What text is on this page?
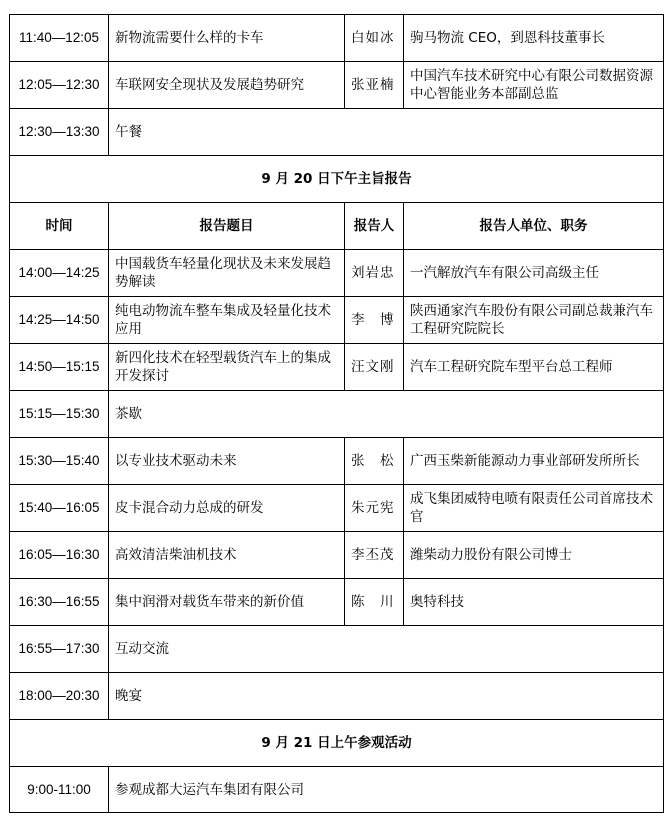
11:40—12:05	新物流需要什么样的卡车	白如冰	驹马物流 CEO，到恩科技董事长
12:05—12:30	车联网安全现状及发展趋势研究	张亚楠	中国汽车技术研究中心有限公司数据资源中心智能业务本部副总监
12:30—13:30	午餐		
9 月 20 日下午主旨报告			
时间	报告题目	报告人	报告人单位、职务
14:00—14:25	中国载货车轻量化现状及未来发展趋势解读	刘岩忠	一汽解放汽车有限公司高级主任
14:25—14:50	纯电动物流车整车集成及轻量化技术应用	李　博	陕西通家汽车股份有限公司副总裁兼汽车工程研究院院长
14:50—15:15	新四化技术在轻型载货汽车上的集成开发探讨	汪文刚	汽车工程研究院车型平台总工程师
15:15—15:30	茶歇		
15:30—15:40	以专业技术驱动未来	张　松	广西玉柴新能源动力事业部研发所所长
15:40—16:05	皮卡混合动力总成的研发	朱元宪	成飞集团威特电喷有限责任公司首席技术官
16:05—16:30	高效清洁柴油机技术	李丕茂	潍柴动力股份有限公司博士
16:30—16:55	集中润滑对载货车带来的新价值	陈　川	奥特科技
16:55—17:30	互动交流		
18:00—20:30	晚宴		
9 月 21 日上午参观活动			
9:00-11:00	参观成都大运汽车集团有限公司		
